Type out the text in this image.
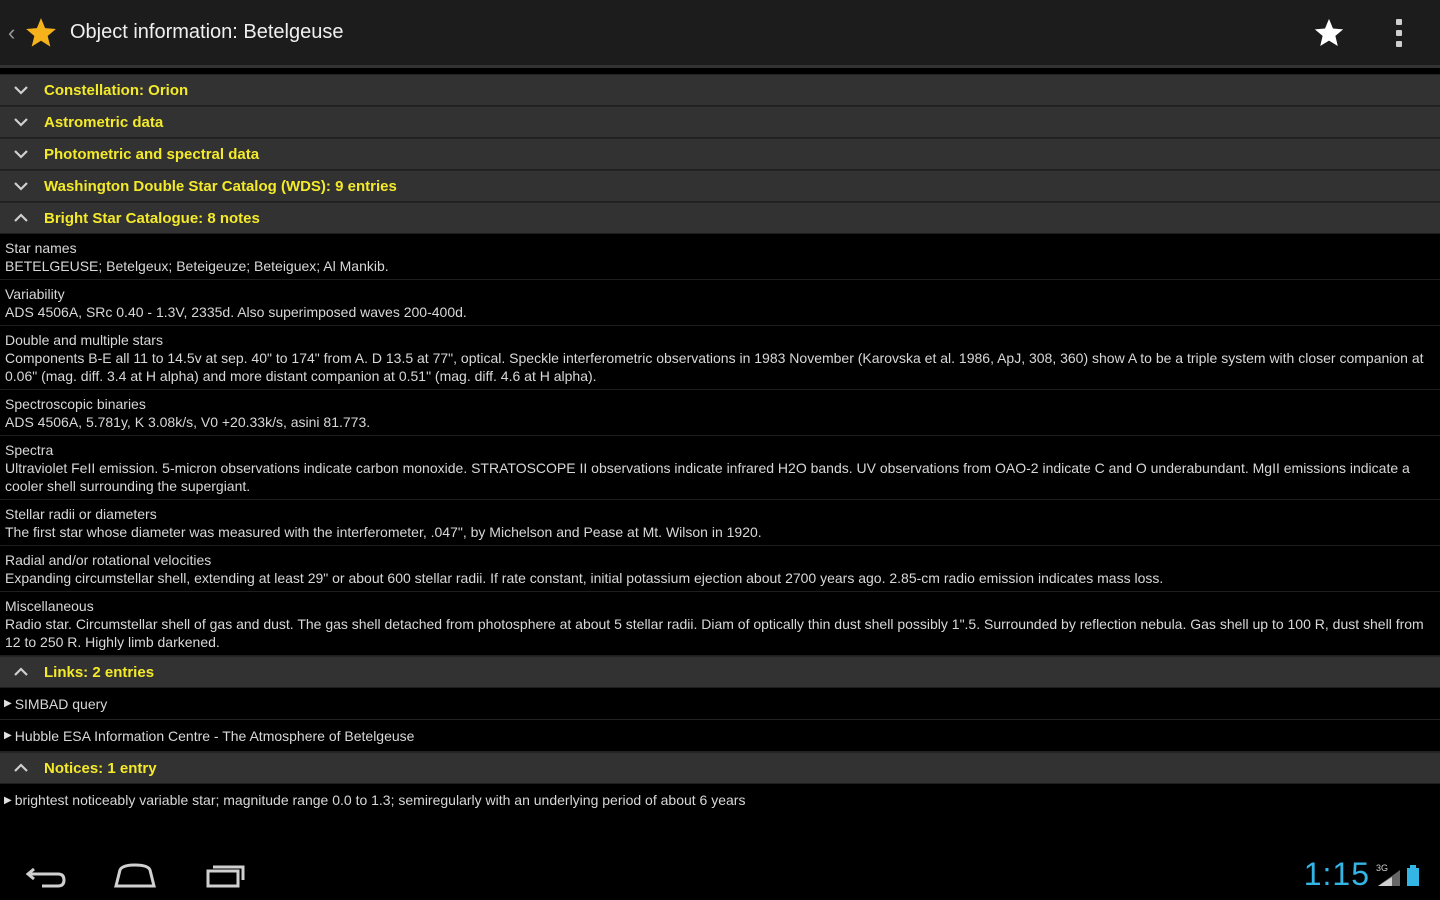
‹	Object information: Betelgeuse
Constellation: Orion
Astrometric data
Photometric and spectral data
Washington Double Star Catalog (WDS): 9 entries
Bright Star Catalogue: 8 notes
Star names
BETELGEUSE; Betelgeux; Beteigeuze; Beteiguex; Al Mankib.
Variability
ADS 4506A, SRc 0.40 - 1.3V, 2335d. Also superimposed waves 200-400d.
Double and multiple stars
Components B-E all 11 to 14.5v at sep. 40" to 174" from A. D 13.5 at 77", optical. Speckle interferometric observations in 1983 November (Karovska et al. 1986, ApJ, 308, 360) show A to be a triple system with closer companion at 0.06" (mag. diff. 3.4 at H alpha) and more distant companion at 0.51" (mag. diff. 4.6 at H alpha).
Spectroscopic binaries
ADS 4506A, 5.781y, K 3.08k/s, V0 +20.33k/s, asini 81.773.
Spectra
Ultraviolet FeII emission. 5-micron observations indicate carbon monoxide. STRATOSCOPE II observations indicate infrared H2O bands. UV observations from OAO-2 indicate C and O underabundant. MgII emissions indicate a cooler shell surrounding the supergiant.
Stellar radii or diameters
The first star whose diameter was measured with the interferometer, .047", by Michelson and Pease at Mt. Wilson in 1920.
Radial and/or rotational velocities
Expanding circumstellar shell, extending at least 29" or about 600 stellar radii. If rate constant, initial potassium ejection about 2700 years ago. 2.85-cm radio emission indicates mass loss.
Miscellaneous
Radio star. Circumstellar shell of gas and dust. The gas shell detached from photosphere at about 5 stellar radii. Diam of optically thin dust shell possibly 1".5. Surrounded by reflection nebula. Gas shell up to 100 R, dust shell from 12 to 250 R. Highly limb darkened.
Links: 2 entries
▶ SIMBAD query
▶ Hubble ESA Information Centre - The Atmosphere of Betelgeuse
Notices: 1 entry
▶ brightest noticeably variable star; magnitude range 0.0 to 1.3; semiregularly with an underlying period of about 6 years
1:15 3G
